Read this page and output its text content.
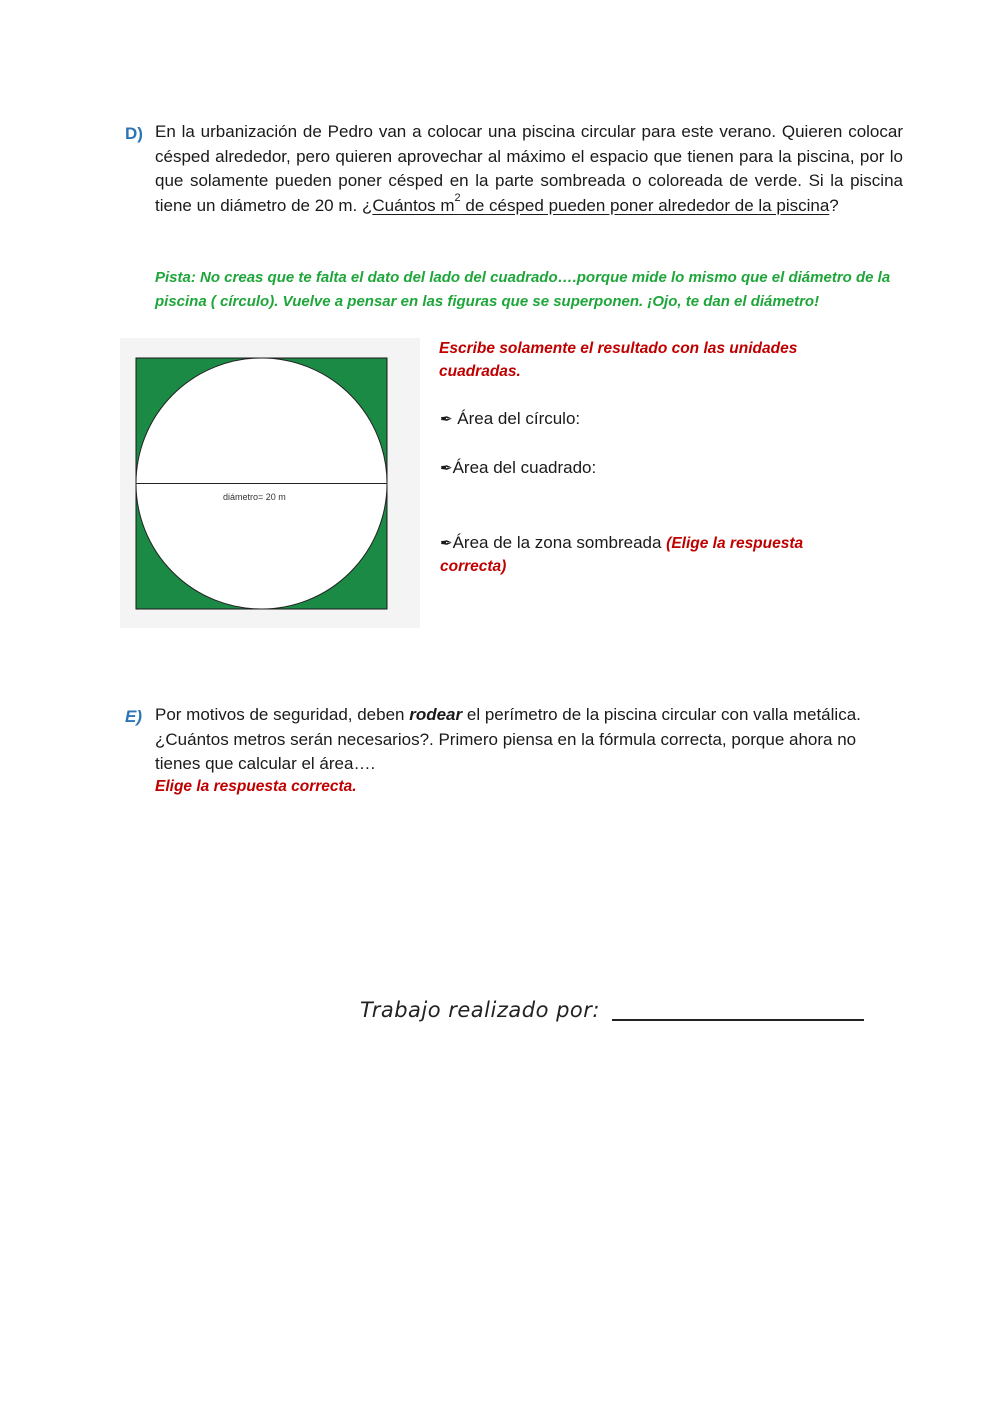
D) En la urbanización de Pedro van a colocar una piscina circular para este verano. Quieren colocar césped alrededor, pero quieren aprovechar al máximo el espacio que tienen para la piscina, por lo que solamente pueden poner césped en la parte sombreada o coloreada de verde. Si la piscina tiene un diámetro de 20 m. ¿Cuántos $m^2$ de césped pueden poner alrededor de la piscina?
Pista: No creas que te falta el dato del lado del cuadrado….porque mide lo mismo que el diámetro de la piscina ( círculo). Vuelve a pensar en las figuras que se superponen. ¡Ojo, te dan el diámetro!
diámetro= 20 m
Escribe solamente el resultado con las unidades cuadradas.
✒ Área del círculo:
✒Área del cuadrado:
✒Área de la zona sombreada (Elige la respuesta correcta)
E) Por motivos de seguridad, deben rodear el perímetro de la piscina circular con valla metálica. ¿Cuántos metros serán necesarios?. Primero piensa en la fórmula correcta, porque ahora no tienes que calcular el área….
Elige la respuesta correcta.
Trabajo realizado por:
